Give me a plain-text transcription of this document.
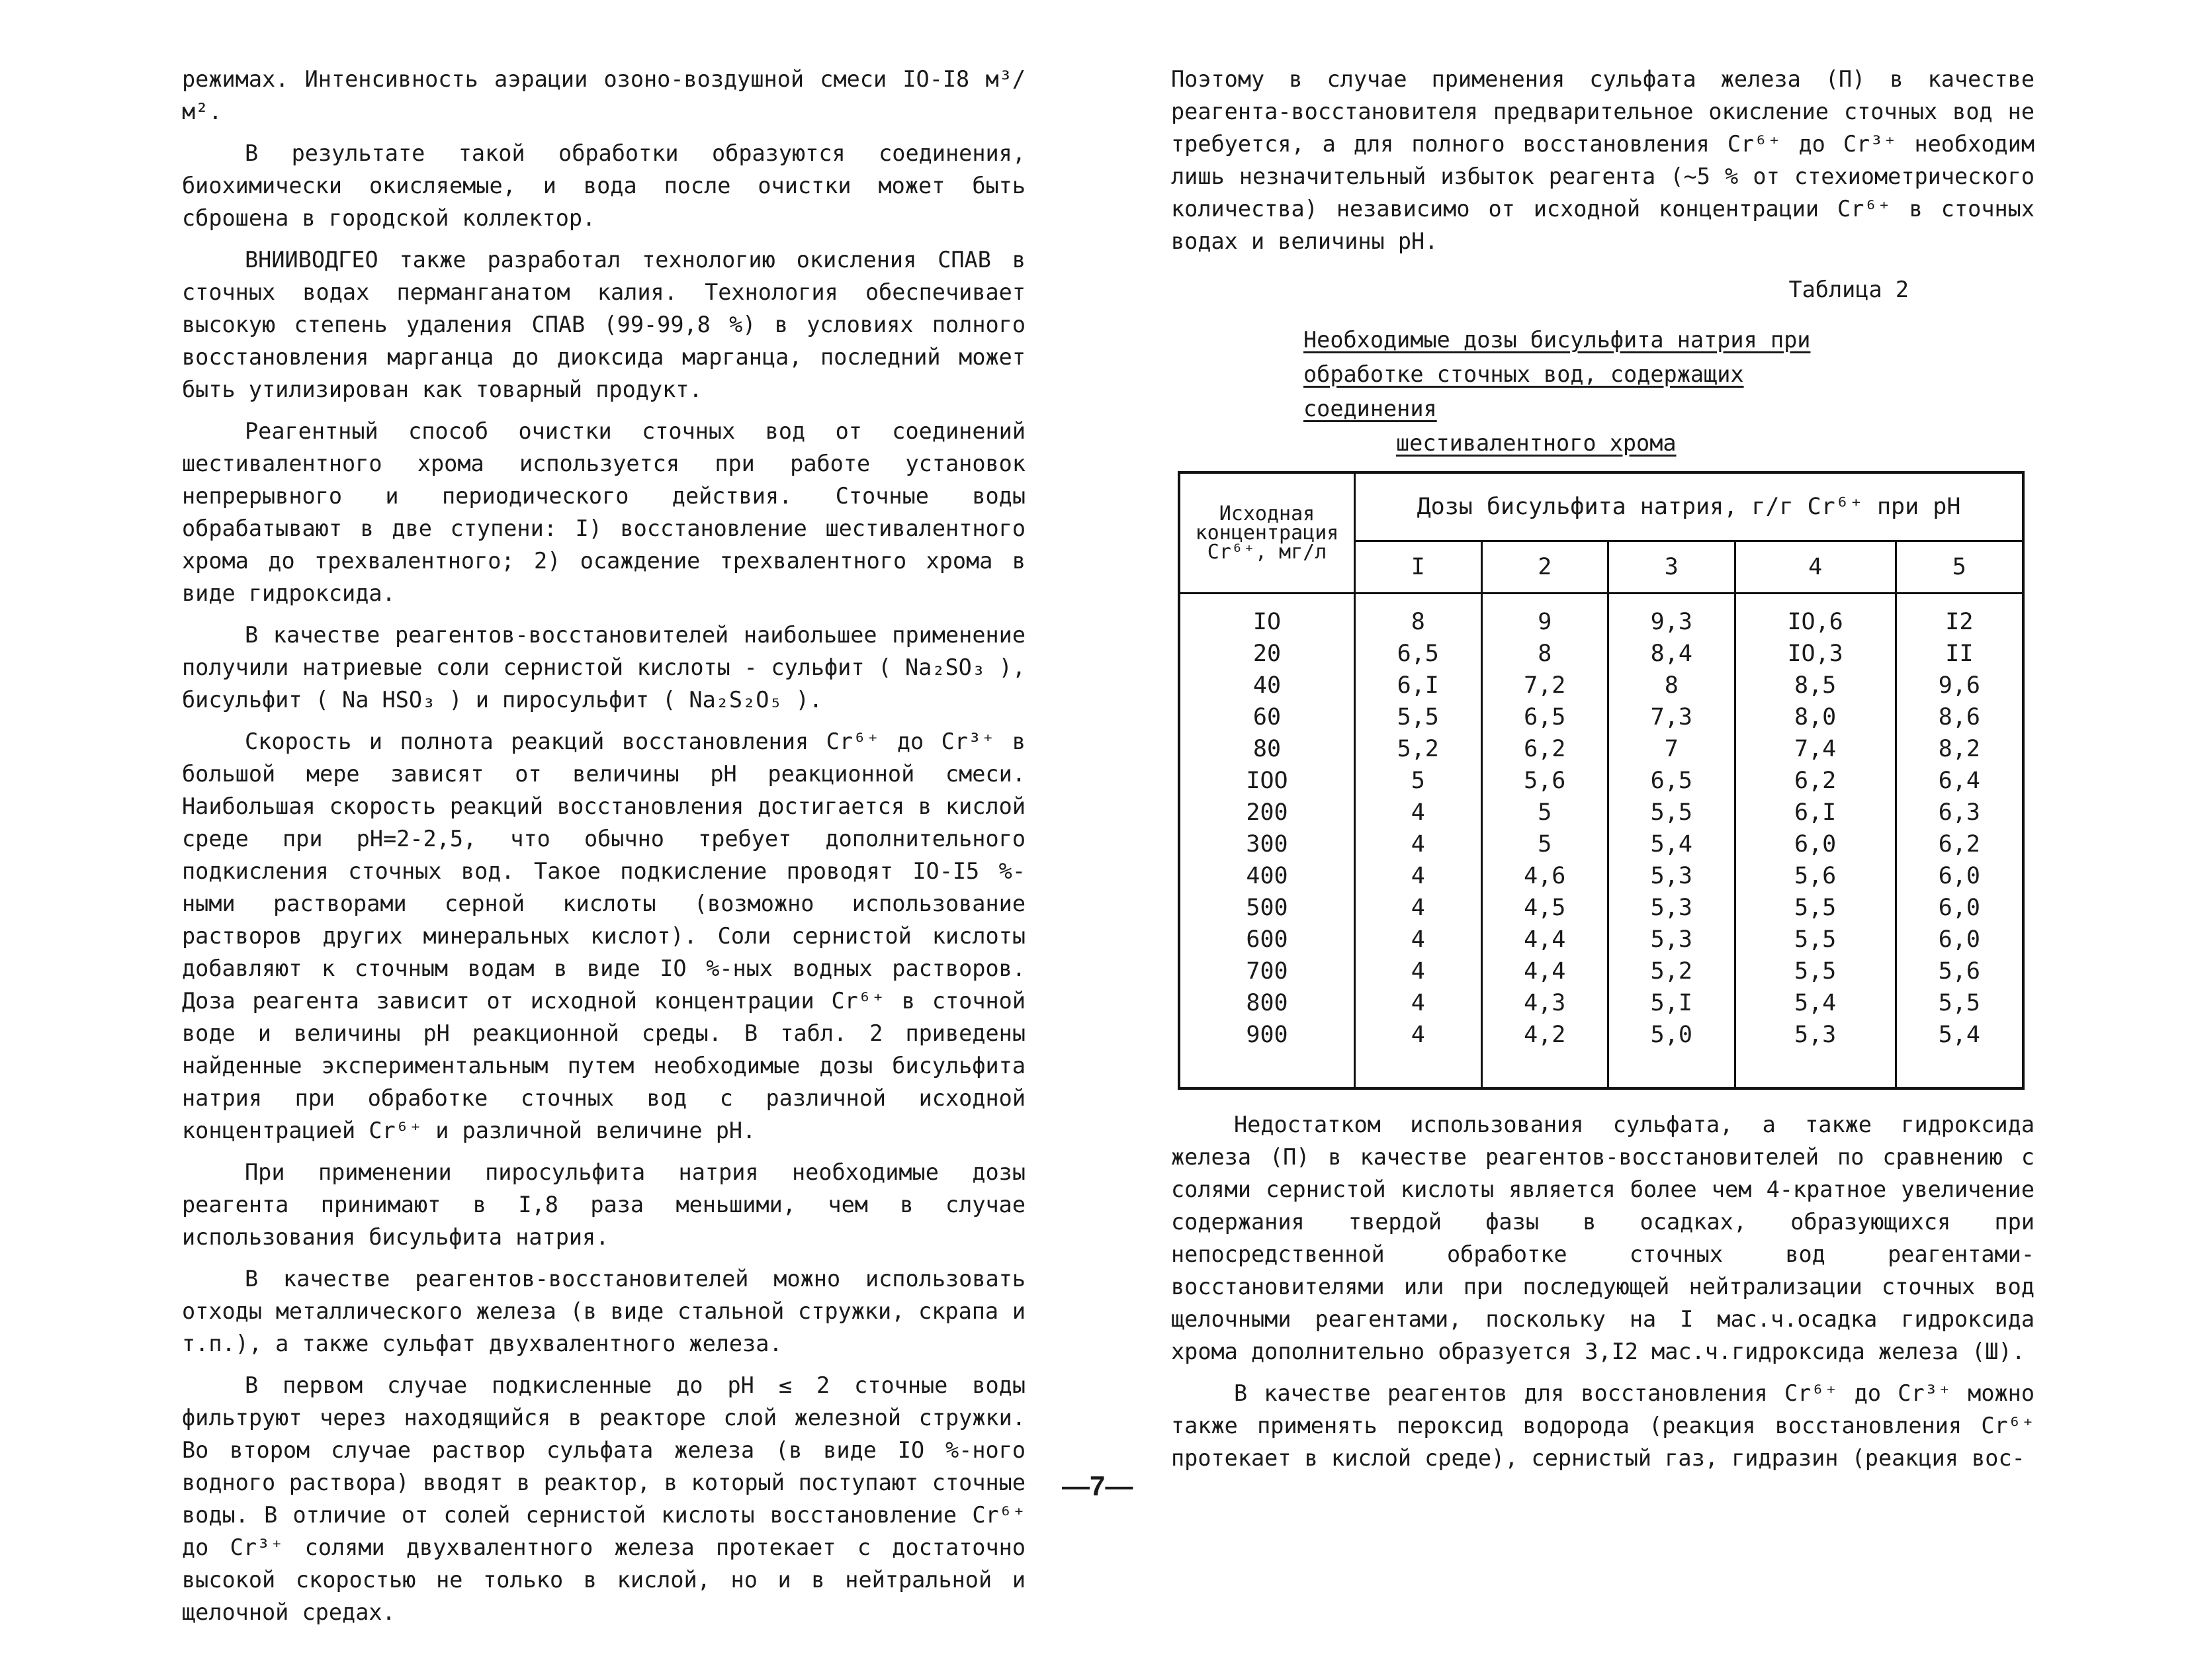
режимах. Интенсивность аэрации озоно-воздушной смеси IO-I8 м³/м².

В результате такой обработки образуются соединения, биохимически окисляемые, и вода после очистки может быть сброшена в городской коллектор.

ВНИИВОДГЕО также разработал технологию окисления СПАВ в сточных водах перманганатом калия. Технология обеспечивает высокую степень удаления СПАВ (99-99,8 %) в условиях полного восстановления марганца до диоксида марганца, последний может быть утилизирован как товарный продукт.

Реагентный способ очистки сточных вод от соединений шестивалентного хрома используется при работе установок непрерывного и периодического действия. Сточные воды обрабатывают в две ступени: I) восстановление шестивалентного хрома до трехвалентного; 2) осаждение трехвалентного хрома в виде гидроксида.

В качестве реагентов-восстановителей наибольшее применение получили натриевые соли сернистой кислоты - сульфит ( Na₂SO₃ ), бисульфит ( Na HSO₃ ) и пиросульфит ( Na₂S₂O₅ ).

Скорость и полнота реакций восстановления Cr⁶⁺ до Cr³⁺ в большой мере зависят от величины pH реакционной смеси. Наибольшая скорость реакций восстановления достигается в кислой среде при pH=2-2,5, что обычно требует дополнительного подкисления сточных вод. Такое подкисление проводят IO-I5 %-ными растворами серной кислоты (возможно использование растворов других минеральных кислот). Соли сернистой кислоты добавляют к сточным водам в виде IO %-ных водных растворов. Доза реагента зависит от исходной концентрации Cr⁶⁺ в сточной воде и величины pH реакционной среды. В табл. 2 приведены найденные экспериментальным путем необходимые дозы бисульфита натрия при обработке сточных вод с различной исходной концентрацией Cr⁶⁺ и различной величине pH.

При применении пиросульфита натрия необходимые дозы реагента принимают в I,8 раза меньшими, чем в случае использования бисульфита натрия.

В качестве реагентов-восстановителей можно использовать отходы металлического железа (в виде стальной стружки, скрапа и т.п.), а также сульфат двухвалентного железа.

В первом случае подкисленные до pH ≤ 2 сточные воды фильтруют через находящийся в реакторе слой железной стружки. Во втором случае раствор сульфата железа (в виде IO %-ного водного раствора) вводят в реактор, в который поступают сточные воды. В отличие от солей сернистой кислоты восстановление Cr⁶⁺ до Cr³⁺ солями двухвалентного железа протекает с достаточно высокой скоростью не только в кислой, но и в нейтральной и щелочной средах.

Поэтому в случае применения сульфата железа (П) в качестве реагента-восстановителя предварительное окисление сточных вод не требуется, а для полного восстановления Cr⁶⁺ до Cr³⁺ необходим лишь незначительный избыток реагента (∼5 % от стехиометрического количества) независимо от исходной концентрации Cr⁶⁺ в сточных водах и величины pH.

Таблица 2
Необходимые дозы бисульфита натрия при
обработке сточных вод, содержащих соединения
шестивалентного хрома
Исходная концентрация Cr⁶⁺, мг/л	Дозы бисульфита натрия, г/г Cr⁶⁺ при pH				
	I	2	3	4	5
IO	8	9	9,3	IO,6	I2
20	6,5	8	8,4	IO,3	II
40	6,I	7,2	8	8,5	9,6
60	5,5	6,5	7,3	8,0	8,6
80	5,2	6,2	7	7,4	8,2
IOO	5	5,6	6,5	6,2	6,4
200	4	5	5,5	6,I	6,3
300	4	5	5,4	6,0	6,2
400	4	4,6	5,3	5,6	6,0
500	4	4,5	5,3	5,5	6,0
600	4	4,4	5,3	5,5	6,0
700	4	4,4	5,2	5,5	5,6
800	4	4,3	5,I	5,4	5,5
900	4	4,2	5,0	5,3	5,4

Недостатком использования сульфата, а также гидроксида железа (П) в качестве реагентов-восстановителей по сравнению с солями сернистой кислоты является более чем 4-кратное увеличение содержания твердой фазы в осадках, образующихся при непосредственной обработке сточных вод реагентами-восстановителями или при последующей нейтрализации сточных вод щелочными реагентами, поскольку на I мас.ч.осадка гидроксида хрома дополнительно образуется 3,I2 мас.ч.гидроксида железа (Ш).

В качестве реагентов для восстановления Cr⁶⁺ до Cr³⁺ можно также применять пероксид водорода (реакция восстановления Cr⁶⁺ протекает в кислой среде), сернистый газ, гидразин (реакция вос-

—7—
